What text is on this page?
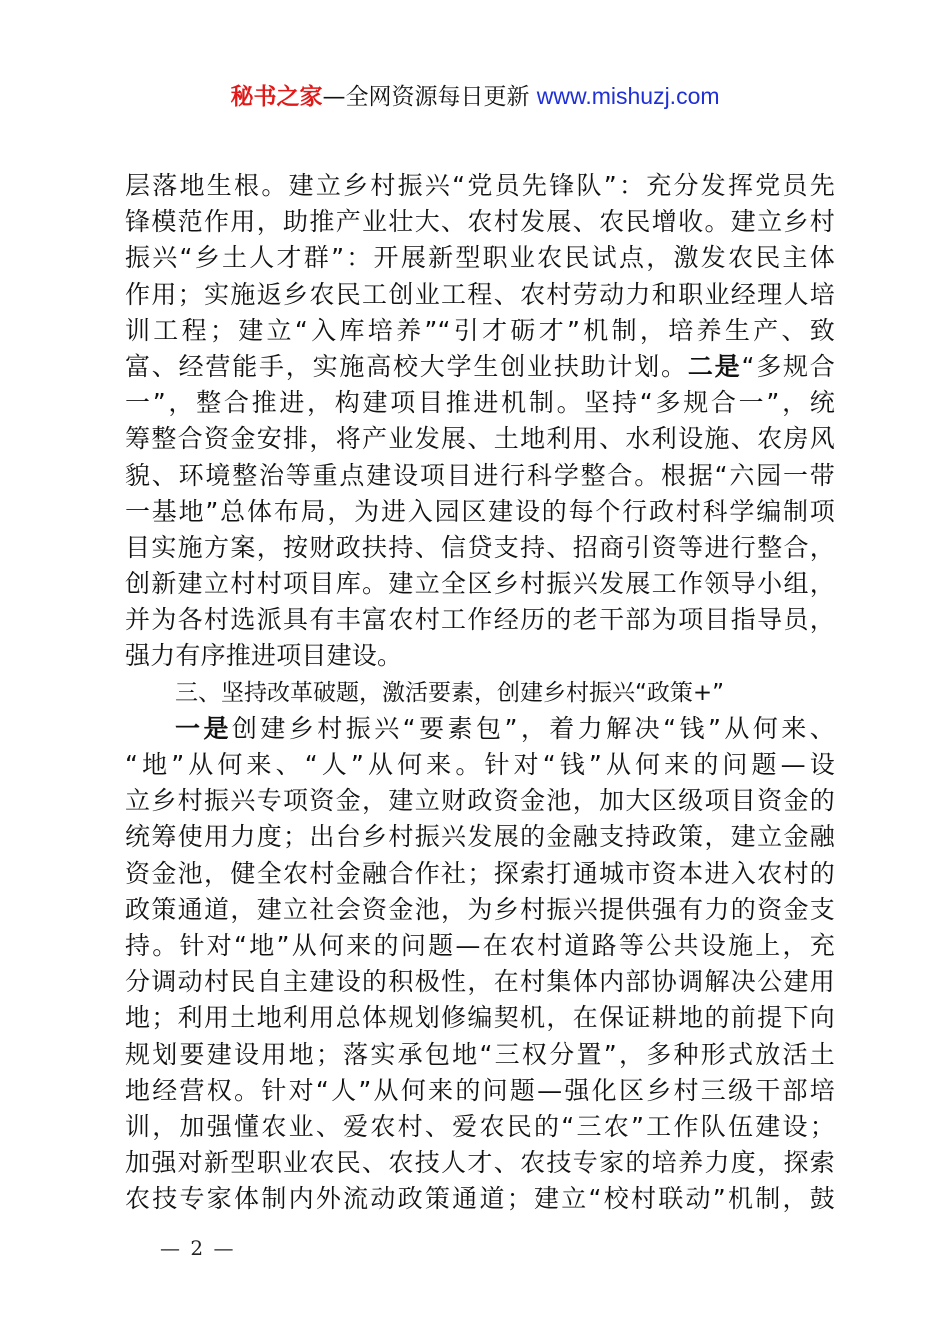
秘书之家—全网资源每日更新 www.mishuzj.com
层落地生根。建立乡村振兴“党员先锋队”：充分发挥党员先
锋模范作用，助推产业壮大、农村发展、农民增收。建立乡村
振兴“乡土人才群”：开展新型职业农民试点，激发农民主体
作用；实施返乡农民工创业工程、农村劳动力和职业经理人培
训工程；建立“入库培养”“引才砺才”机制，培养生产、致
富、经营能手，实施高校大学生创业扶助计划。二是“多规合
一”，整合推进，构建项目推进机制。坚持“多规合一”，统
筹整合资金安排，将产业发展、土地利用、水利设施、农房风
貌、环境整治等重点建设项目进行科学整合。根据“六园一带
一基地”总体布局，为进入园区建设的每个行政村科学编制项
目实施方案，按财政扶持、信贷支持、招商引资等进行整合，
创新建立村村项目库。建立全区乡村振兴发展工作领导小组，
并为各村选派具有丰富农村工作经历的老干部为项目指导员，
强力有序推进项目建设。
三、坚持改革破题，激活要素，创建乡村振兴“政策+”
一是创建乡村振兴“要素包”，着力解决“钱”从何来、
“地”从何来、“人”从何来。针对“钱”从何来的问题—设
立乡村振兴专项资金，建立财政资金池，加大区级项目资金的
统筹使用力度；出台乡村振兴发展的金融支持政策，建立金融
资金池，健全农村金融合作社；探索打通城市资本进入农村的
政策通道，建立社会资金池，为乡村振兴提供强有力的资金支
持。针对“地”从何来的问题—在农村道路等公共设施上，充
分调动村民自主建设的积极性，在村集体内部协调解决公建用
地；利用土地利用总体规划修编契机，在保证耕地的前提下向
规划要建设用地；落实承包地“三权分置”，多种形式放活土
地经营权。针对“人”从何来的问题—强化区乡村三级干部培
训，加强懂农业、爱农村、爱农民的“三农”工作队伍建设；
加强对新型职业农民、农技人才、农技专家的培养力度，探索
农技专家体制内外流动政策通道；建立“校村联动”机制，鼓
— 2 —
